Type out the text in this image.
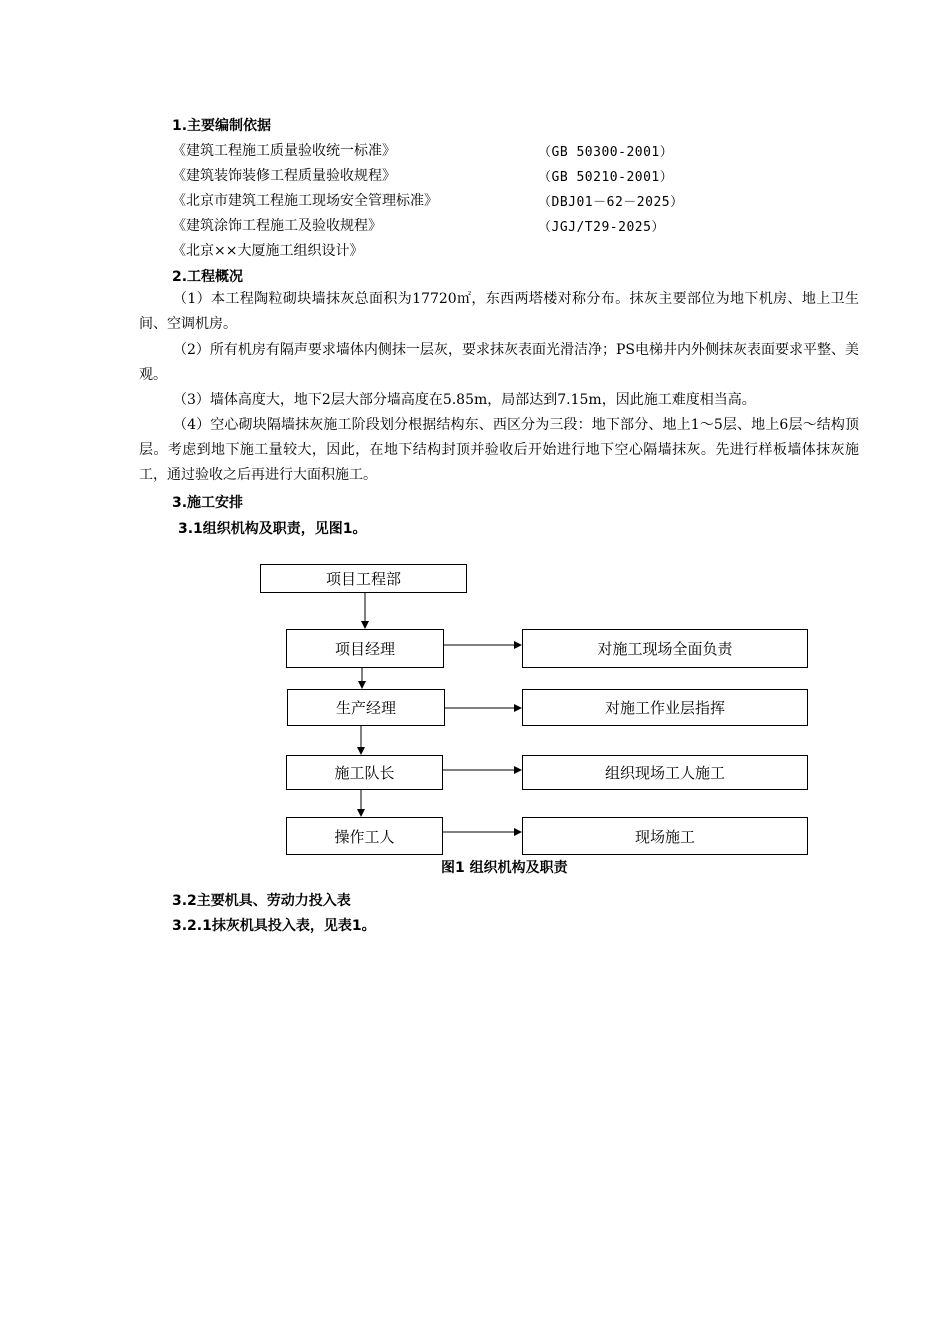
1.主要编制依据
《建筑工程施工质量验收统一标准》	（GB 50300-2001）
《建筑装饰装修工程质量验收规程》	（GB 50210-2001）
《北京市建筑工程施工现场安全管理标准》	（DBJ01－62－2025）
《建筑涂饰工程施工及验收规程》	（JGJ/T29-2025）
《北京××大厦施工组织设计》
2.工程概况
（1）本工程陶粒砌块墙抹灰总面积为17720㎡，东西两塔楼对称分布。抹灰主要部位为地下机房、地上卫生间、空调机房。
（2）所有机房有隔声要求墙体内侧抹一层灰，要求抹灰表面光滑洁净；PS电梯井内外侧抹灰表面要求平整、美观。
（3）墙体高度大，地下2层大部分墙高度在5.85m，局部达到7.15m，因此施工难度相当高。
（4）空心砌块隔墙抹灰施工阶段划分根据结构东、西区分为三段：地下部分、地上1～5层、地上6层～结构顶层。考虑到地下施工量较大，因此，在地下结构封顶并验收后开始进行地下空心隔墙抹灰。先进行样板墙体抹灰施工，通过验收之后再进行大面积施工。
3.施工安排
3.1组织机构及职责，见图1。
项目工程部
项目经理
生产经理
施工队长
操作工人
对施工现场全面负责
对施工作业层指挥
组织现场工人施工
现场施工
图1 组织机构及职责
3.2主要机具、劳动力投入表
3.2.1抹灰机具投入表，见表1。
